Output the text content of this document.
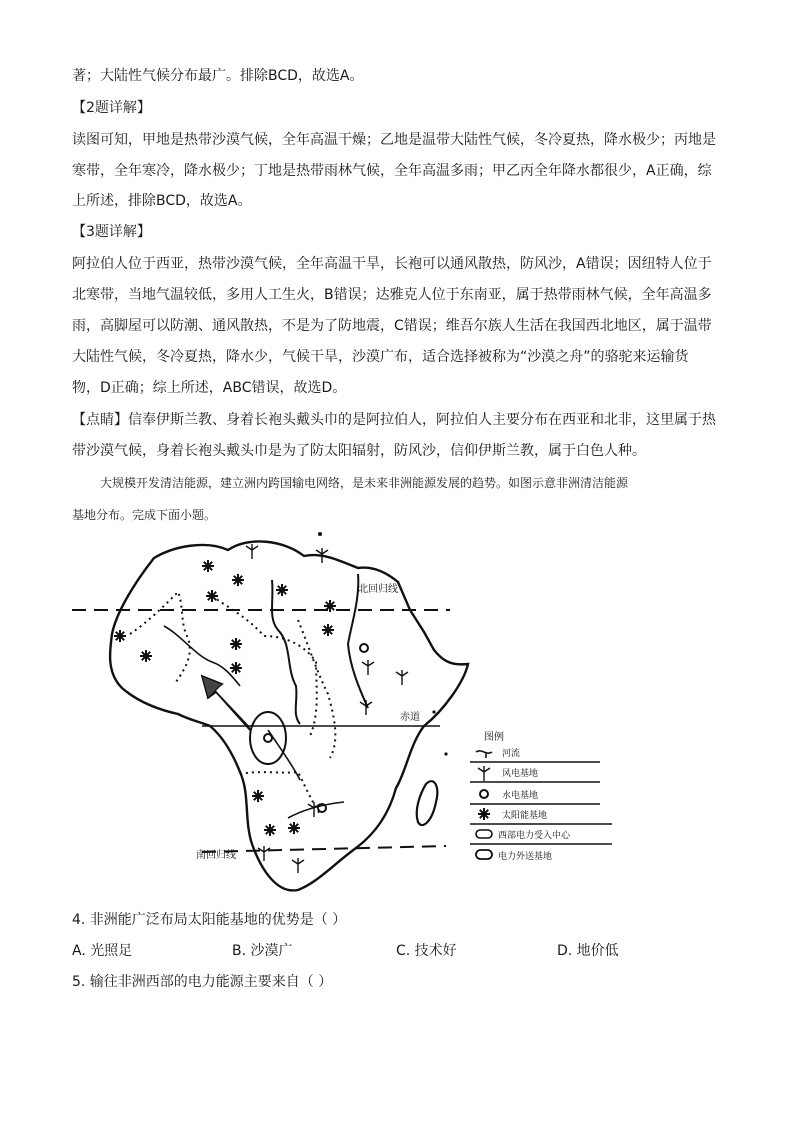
著；大陆性气候分布最广。排除BCD，故选A。
【2题详解】
读图可知，甲地是热带沙漠气候，全年高温干燥；乙地是温带大陆性气候，冬冷夏热，降水极少；丙地是
寒带，全年寒冷，降水极少；丁地是热带雨林气候，全年高温多雨；甲乙丙全年降水都很少，A正确，综
上所述，排除BCD，故选A。
【3题详解】
阿拉伯人位于西亚，热带沙漠气候，全年高温干旱，长袍可以通风散热，防风沙，A错误；因纽特人位于
北寒带，当地气温较低，多用人工生火，B错误；达雅克人位于东南亚，属于热带雨林气候，全年高温多
雨，高脚屋可以防潮、通风散热，不是为了防地震，C错误；维吾尔族人生活在我国西北地区，属于温带
大陆性气候，冬冷夏热，降水少，气候干旱，沙漠广布，适合选择被称为“沙漠之舟”的骆驼来运输货
物，D正确；综上所述，ABC错误，故选D。
【点睛】信奉伊斯兰教、身着长袍头戴头巾的是阿拉伯人，阿拉伯人主要分布在西亚和北非，这里属于热
带沙漠气候，身着长袍头戴头巾是为了防太阳辐射，防风沙，信仰伊斯兰教，属于白色人种。
大规模开发清洁能源，建立洲内跨国输电网络，是未来非洲能源发展的趋势。如图示意非洲清洁能源
基地分布。完成下面小题。
北回归线
赤道
南回归线
图例
河流
风电基地
水电基地
太阳能基地
西部电力受入中心
电力外送基地
4. 非洲能广泛布局太阳能基地的优势是（ ）
A. 光照足	B. 沙漠广	C. 技术好	D. 地价低
5. 输往非洲西部的电力能源主要来自（ ）
